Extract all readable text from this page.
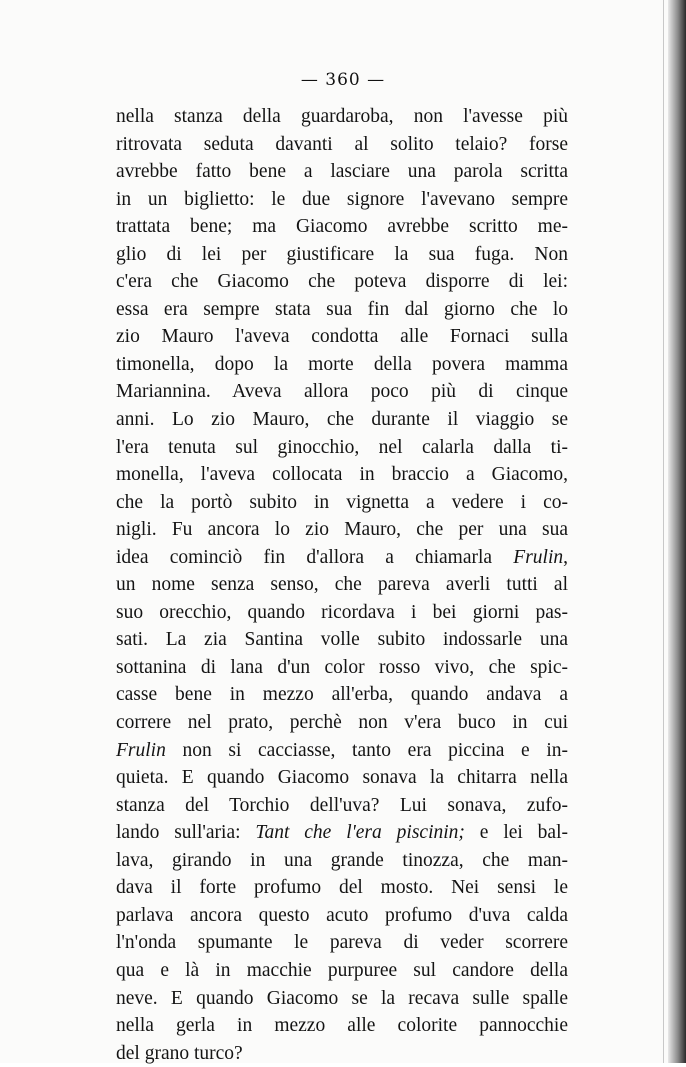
— 360 —
nella stanza della guardaroba, non l'avesse più
ritrovata seduta davanti al solito telaio? forse
avrebbe fatto bene a lasciare una parola scritta
in un biglietto: le due signore l'avevano sempre
trattata bene; ma Giacomo avrebbe scritto me-
glio di lei per giustificare la sua fuga. Non
c'era che Giacomo che poteva disporre di lei:
essa era sempre stata sua fin dal giorno che lo
zio Mauro l'aveva condotta alle Fornaci sulla
timonella, dopo la morte della povera mamma
Mariannina. Aveva allora poco più di cinque
anni. Lo zio Mauro, che durante il viaggio se
l'era tenuta sul ginocchio, nel calarla dalla ti-
monella, l'aveva collocata in braccio a Giacomo,
che la portò subito in vignetta a vedere i co-
nigli. Fu ancora lo zio Mauro, che per una sua
idea cominciò fin d'allora a chiamarla Frulin,
un nome senza senso, che pareva averli tutti al
suo orecchio, quando ricordava i bei giorni pas-
sati. La zia Santina volle subito indossarle una
sottanina di lana d'un color rosso vivo, che spic-
casse bene in mezzo all'erba, quando andava a
correre nel prato, perchè non v'era buco in cui
Frulin non si cacciasse, tanto era piccina e in-
quieta. E quando Giacomo sonava la chitarra nella
stanza del Torchio dell'uva? Lui sonava, zufo-
lando sull'aria: Tant che l'era piscinin; e lei bal-
lava, girando in una grande tinozza, che man-
dava il forte profumo del mosto. Nei sensi le
parlava ancora questo acuto profumo d'uva calda
l'n'onda spumante le pareva di veder scorrere
qua e là in macchie purpuree sul candore della
neve. E quando Giacomo se la recava sulle spalle
nella gerla in mezzo alle colorite pannocchie
del grano turco?
